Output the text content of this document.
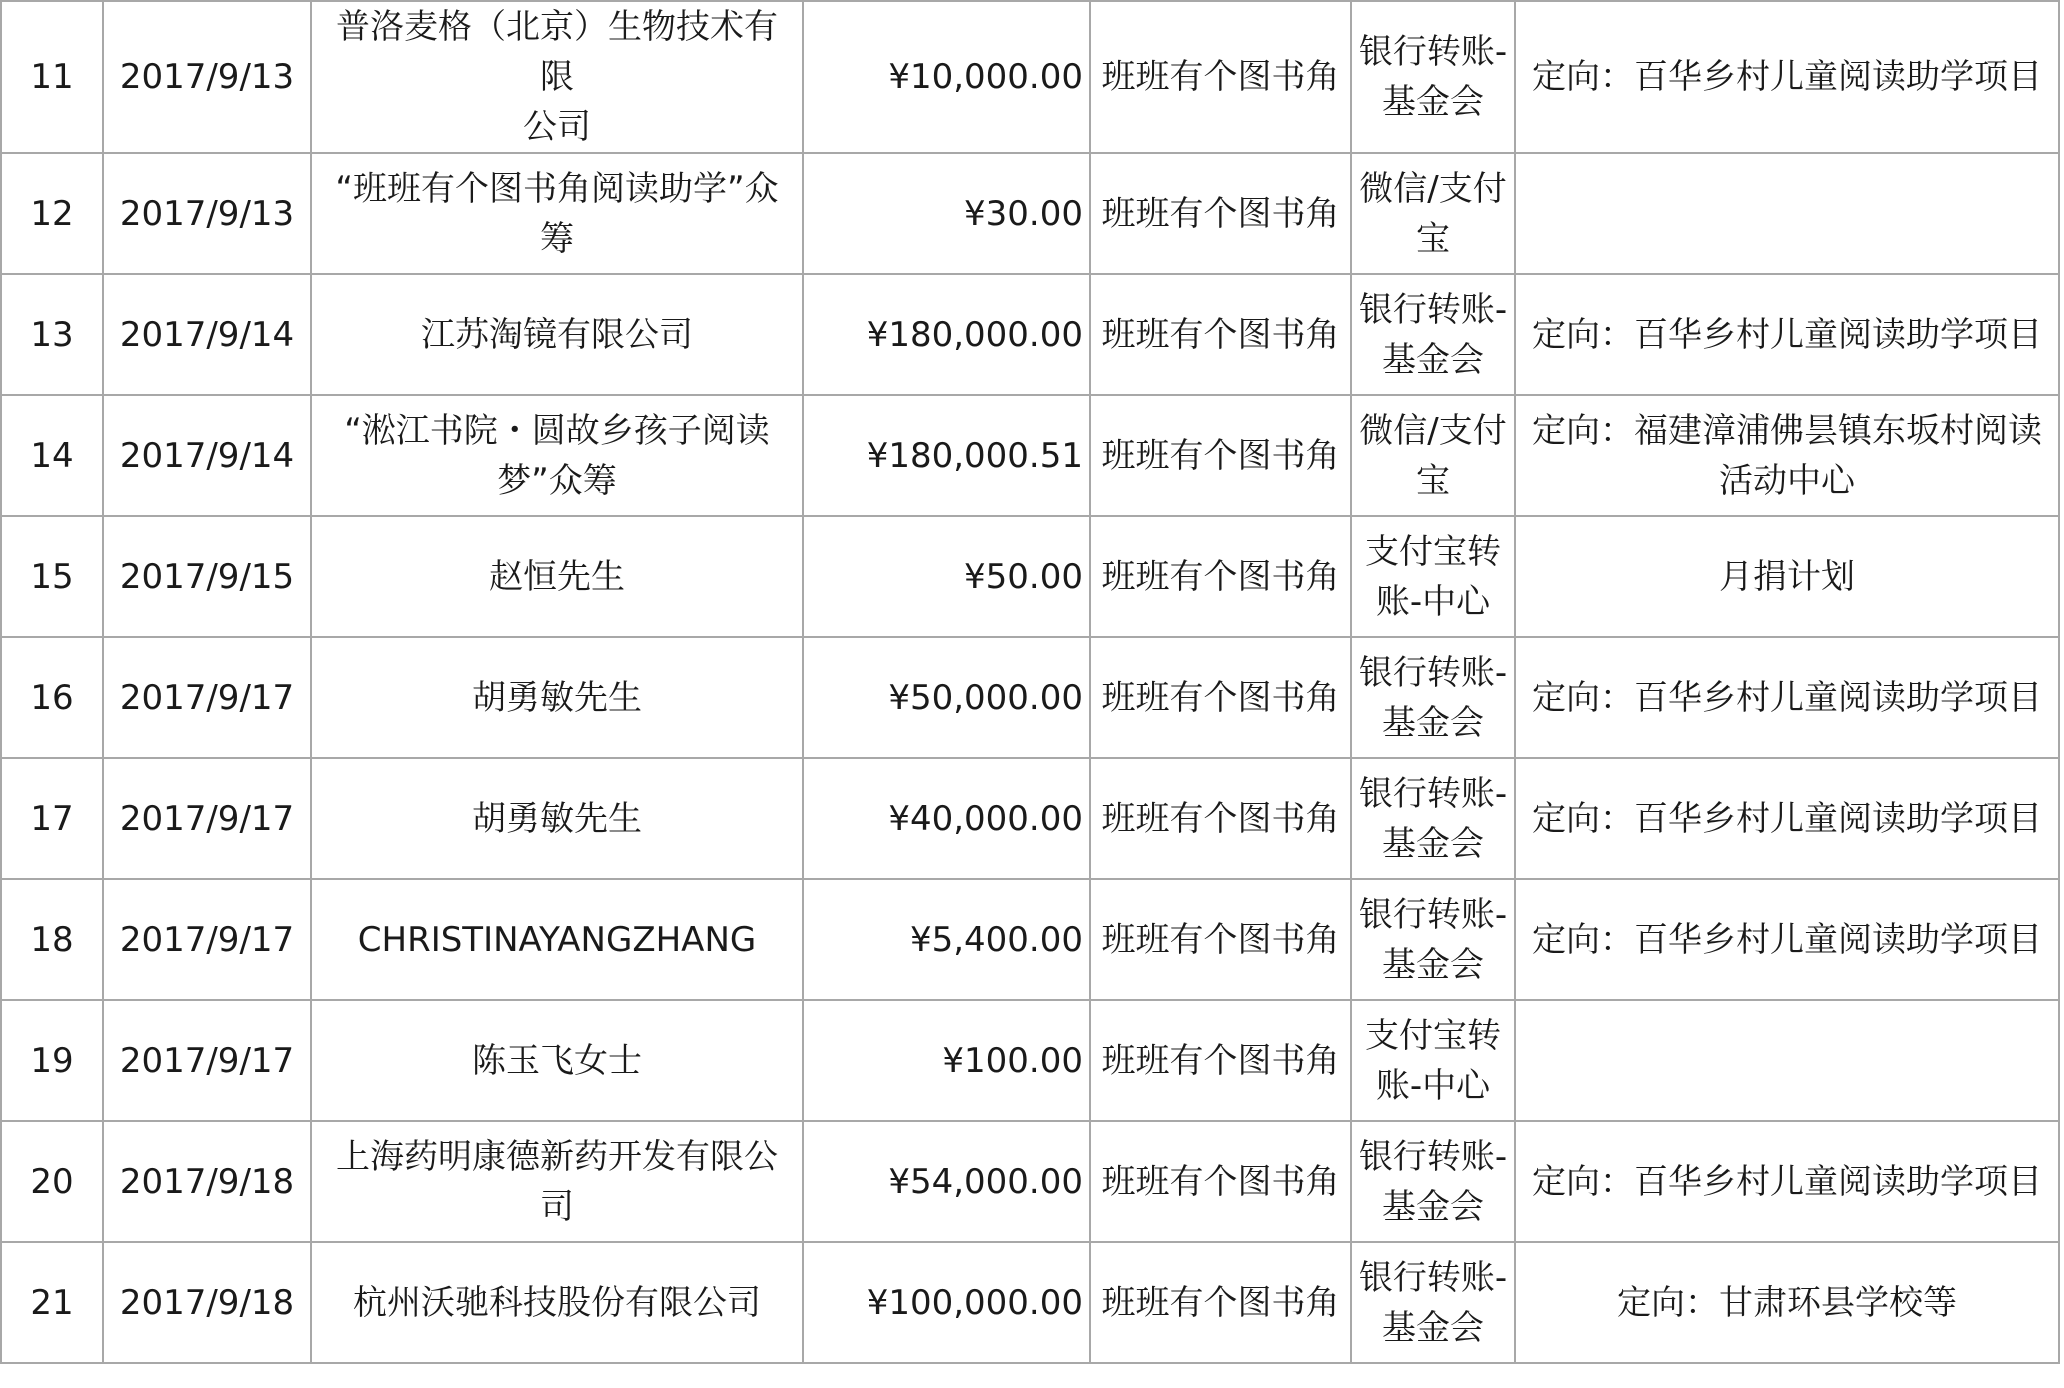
11	2017/9/13	普洛麦格（北京）生物技术有限
公司	¥10,000.00	班班有个图书角	银行转账-
基金会	定向：百华乡村儿童阅读助学项目
12	2017/9/13	“班班有个图书角阅读助学”众
筹	¥30.00	班班有个图书角	微信/支付
宝	
13	2017/9/14	江苏淘镜有限公司	¥180,000.00	班班有个图书角	银行转账-
基金会	定向：百华乡村儿童阅读助学项目
14	2017/9/14	“淞江书院・圆故乡孩子阅读
梦”众筹	¥180,000.51	班班有个图书角	微信/支付
宝	定向：福建漳浦佛昙镇东坂村阅读
活动中心
15	2017/9/15	赵恒先生	¥50.00	班班有个图书角	支付宝转
账-中心	月捐计划
16	2017/9/17	胡勇敏先生	¥50,000.00	班班有个图书角	银行转账-
基金会	定向：百华乡村儿童阅读助学项目
17	2017/9/17	胡勇敏先生	¥40,000.00	班班有个图书角	银行转账-
基金会	定向：百华乡村儿童阅读助学项目
18	2017/9/17	CHRISTINAYANGZHANG	¥5,400.00	班班有个图书角	银行转账-
基金会	定向：百华乡村儿童阅读助学项目
19	2017/9/17	陈玉飞女士	¥100.00	班班有个图书角	支付宝转
账-中心	
20	2017/9/18	上海药明康德新药开发有限公司	¥54,000.00	班班有个图书角	银行转账-
基金会	定向：百华乡村儿童阅读助学项目
21	2017/9/18	杭州沃驰科技股份有限公司	¥100,000.00	班班有个图书角	银行转账-
基金会	定向：甘肃环县学校等
